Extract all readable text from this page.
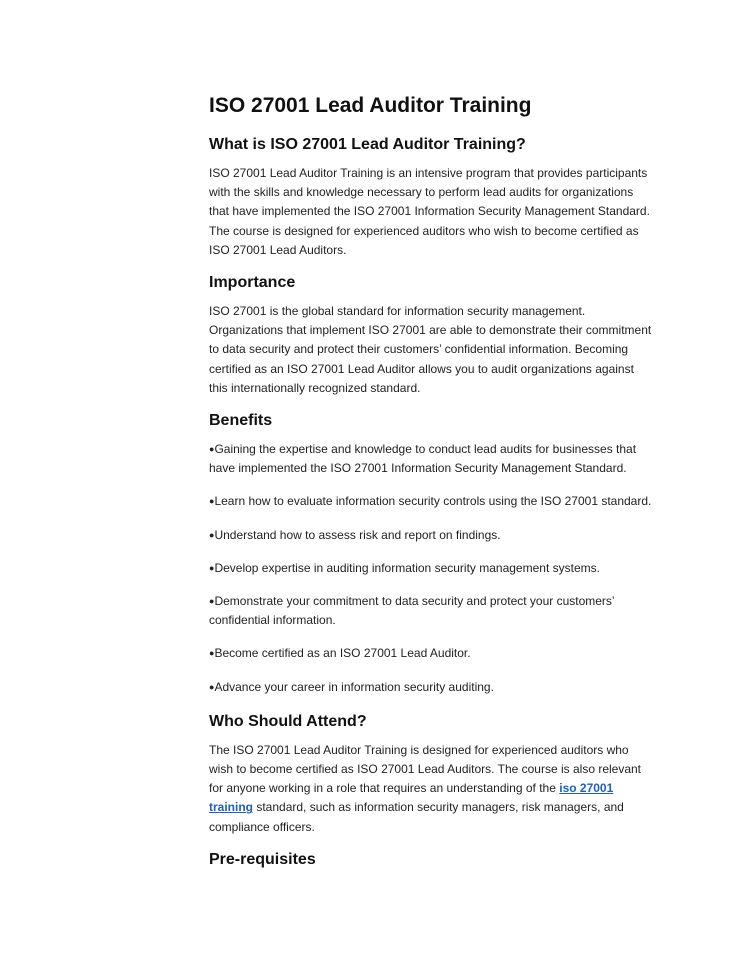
ISO 27001 Lead Auditor Training
What is ISO 27001 Lead Auditor Training?

ISO 27001 Lead Auditor Training is an intensive program that provides participants with the skills and knowledge necessary to perform lead audits for organizations that have implemented the ISO 27001 Information Security Management Standard. The course is designed for experienced auditors who wish to become certified as ISO 27001 Lead Auditors.

Importance

ISO 27001 is the global standard for information security management. Organizations that implement ISO 27001 are able to demonstrate their commitment to data security and protect their customers’ confidential information. Becoming certified as an ISO 27001 Lead Auditor allows you to audit organizations against this internationally recognized standard.

Benefits

●Gaining the expertise and knowledge to conduct lead audits for businesses that have implemented the ISO 27001 Information Security Management Standard.

●Learn how to evaluate information security controls using the ISO 27001 standard.

●Understand how to assess risk and report on findings.

●Develop expertise in auditing information security management systems.

●Demonstrate your commitment to data security and protect your customers’ confidential information.

●Become certified as an ISO 27001 Lead Auditor.

●Advance your career in information security auditing.

Who Should Attend?

The ISO 27001 Lead Auditor Training is designed for experienced auditors who wish to become certified as ISO 27001 Lead Auditors. The course is also relevant for anyone working in a role that requires an understanding of the iso 27001 training standard, such as information security managers, risk managers, and compliance officers.

Pre-requisites
